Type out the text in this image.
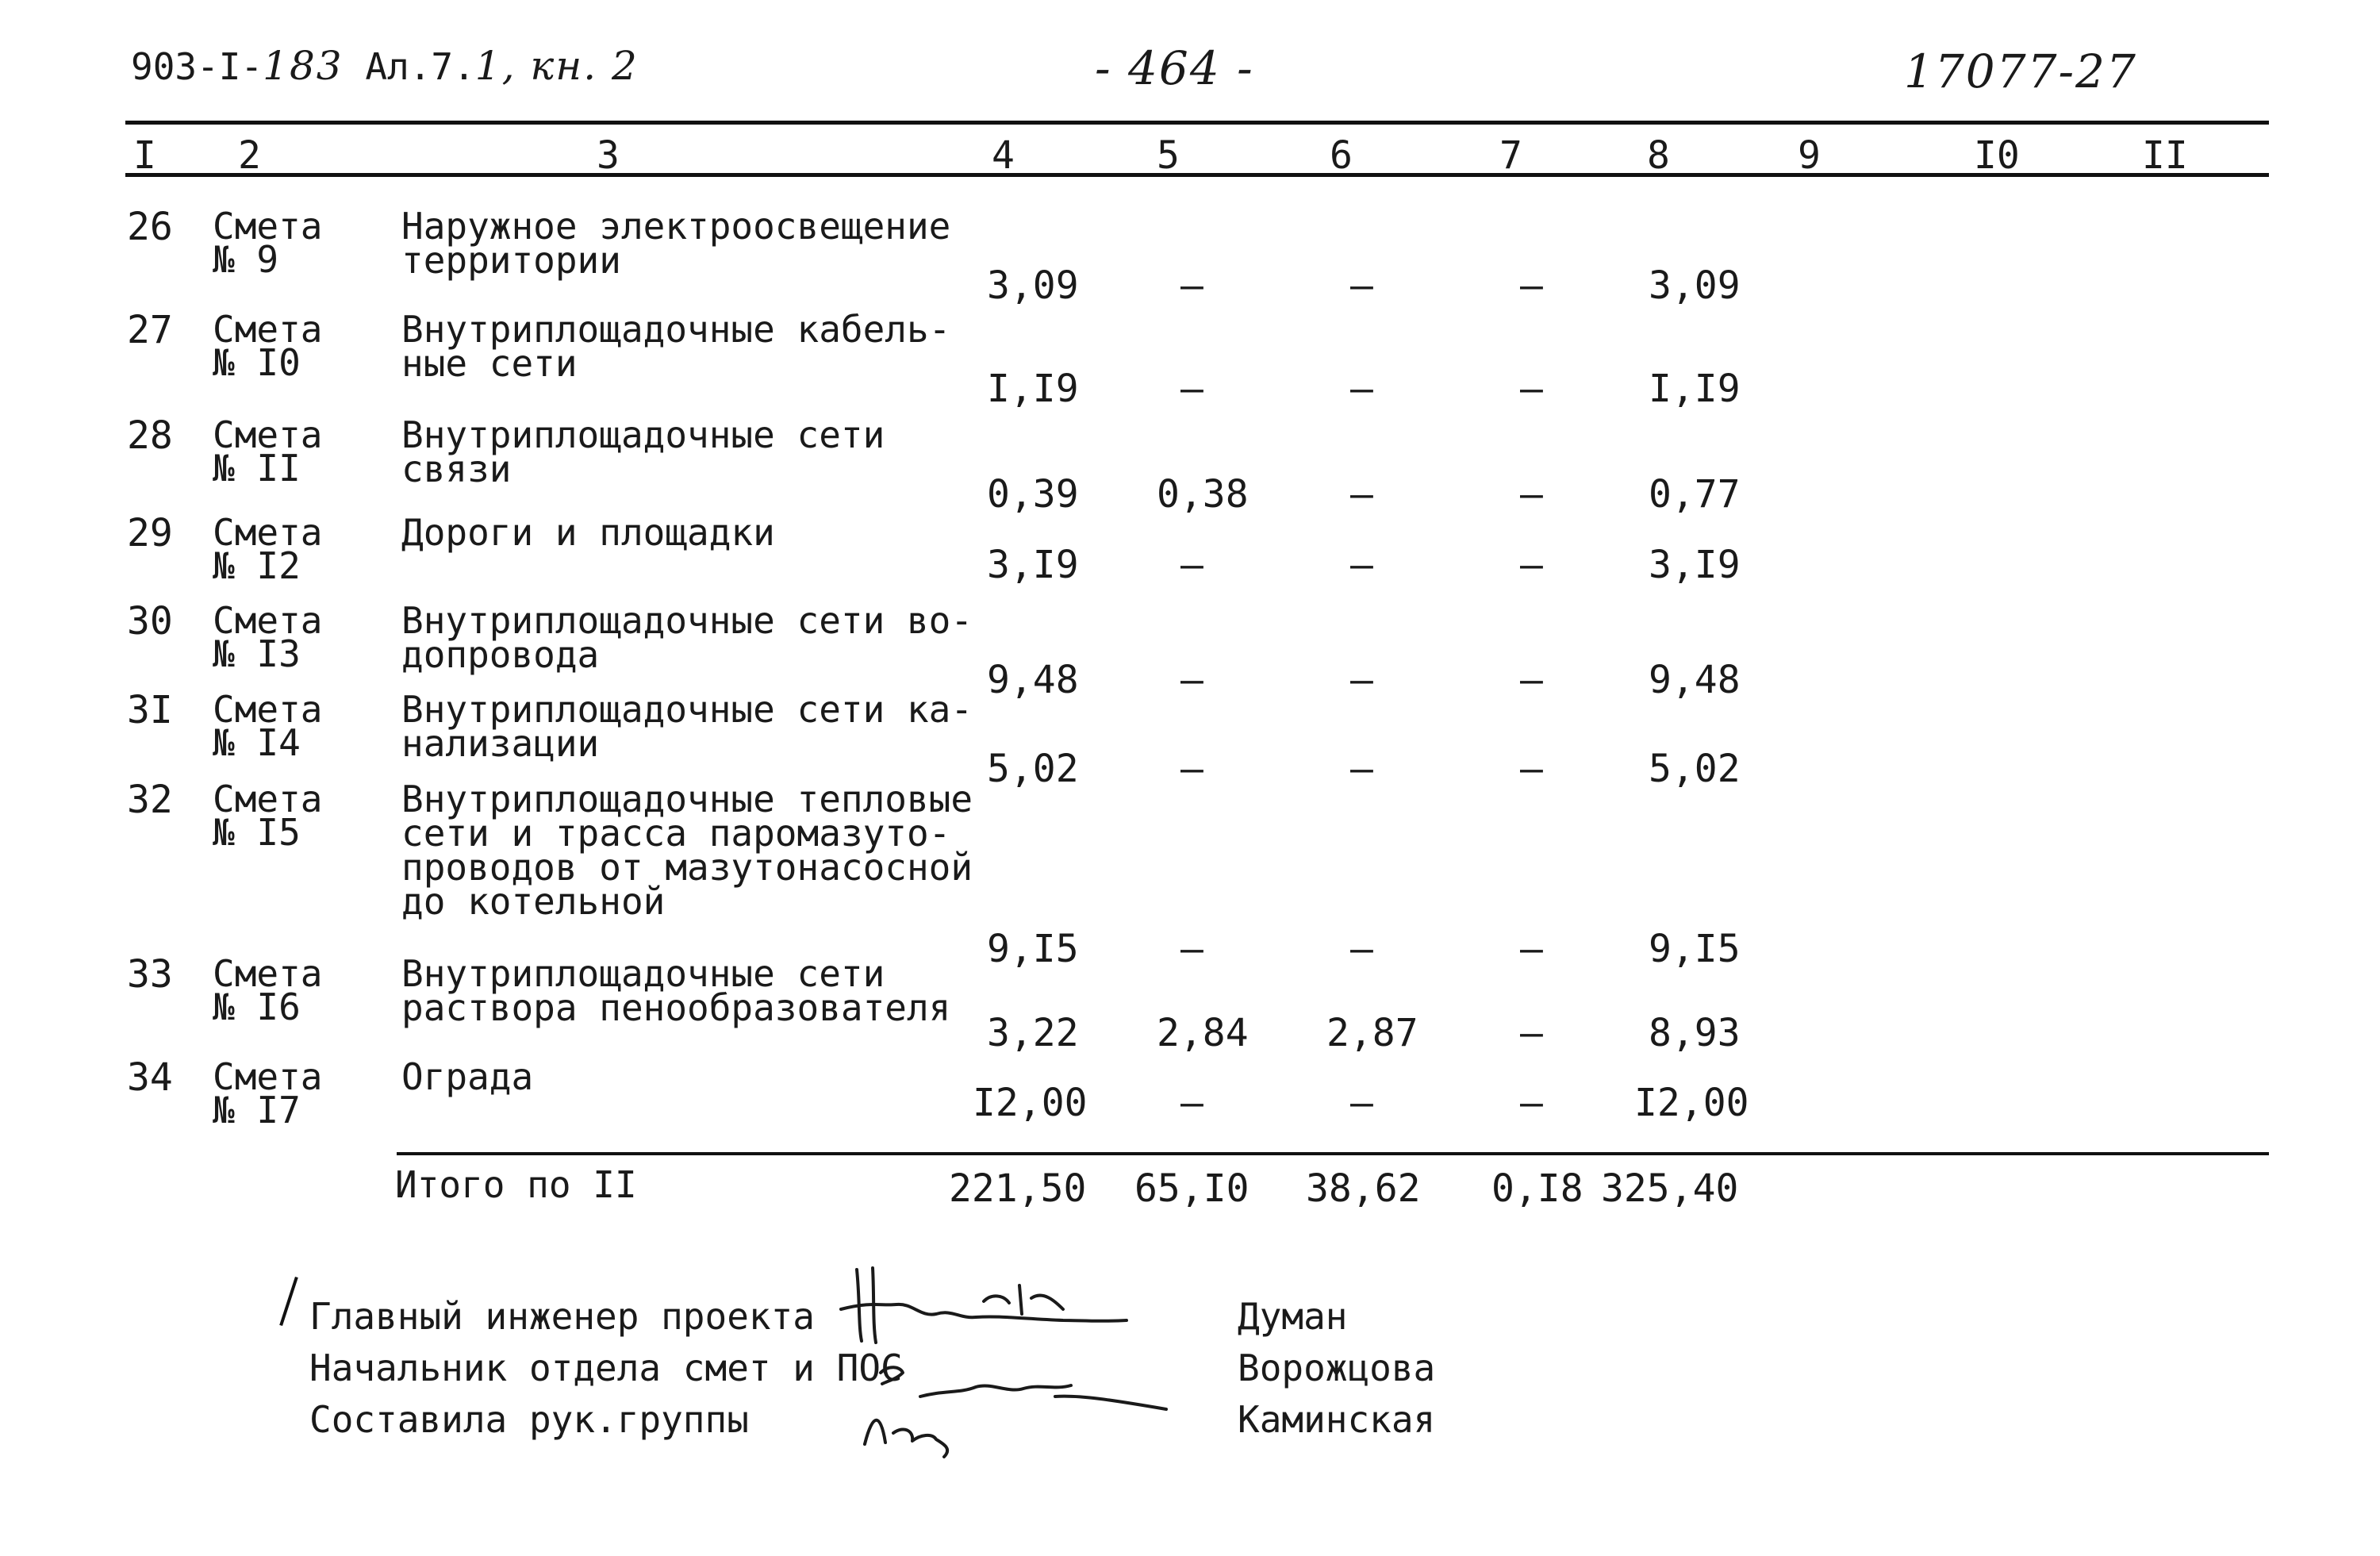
903-I-183 Ал.7.1, кн. 2	- 464 -	17077-27
I 2	3	4	5	6	7	8	9	I0	II
26 Смета
№ 9
Наружное электроосвещение
территории
3,09	–	–	–	3,09
27 Смета
№ I0
Внутриплощадочные кабель-
ные сети
I,I9	–	–	–	I,I9
28 Смета
№ II
Внутриплощадочные сети
связи
0,39 0,38	–	–	0,77
29 Смета
№ I2
Дороги и площадки
3,I9	–	–	–	3,I9
30 Смета
№ I3
Внутриплощадочные сети во-
допровода
9,48	–	–	–	9,48
3I Смета
№ I4
Внутриплощадочные сети ка-
нализации
5,02	–	–	–	5,02
32 Смета
№ I5
Внутриплощадочные тепловые
сети и трасса паромазуто-
проводов от мазутонасосной
до котельной
9,I5	–	–	–	9,I5
33 Смета
№ I6
Внутриплощадочные сети
раствора пенообразователя
3,22 2,84 2,87	–	8,93
34 Смета
№ I7
Ограда
I2,00 –	–	– I2,00
Итого по II	221,50 65,I0 38,62 0,I8 325,40
Главный инженер проекта
Начальник отдела смет и ПОС
Составила рук.группы
Думан
Ворожцова
Каминская
